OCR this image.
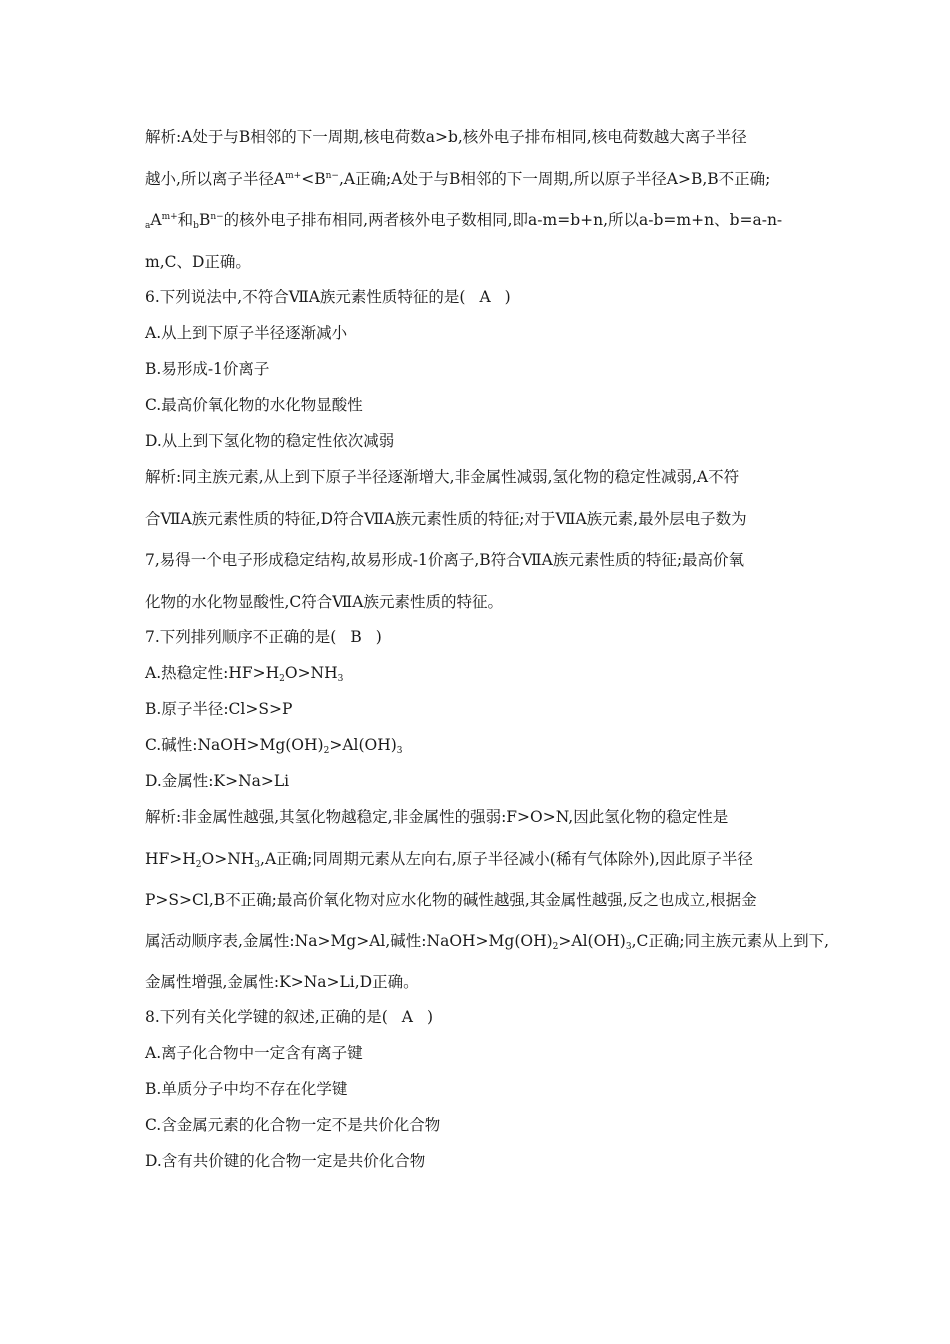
解析:A处于与B相邻的下一周期,核电荷数a>b,核外电子排布相同,核电荷数越大离子半径
越小,所以离子半径$A^{m+}<B^{n-},A$正确;A处于与B相邻的下一周期,所以原子半径A>B,B不正确;
$_aA^{m+}$和$_bB^{n-}$的核外电子排布相同,两者核外电子数相同,即a-m=b+n,所以a-b=m+n、b=a-n-
m,C、D正确。
6.下列说法中,不符合ⅦA族元素性质特征的是( A )
A.从上到下原子半径逐渐减小
B.易形成-1价离子
C.最高价氧化物的水化物显酸性
D.从上到下氢化物的稳定性依次减弱
解析:同主族元素,从上到下原子半径逐渐增大,非金属性减弱,氢化物的稳定性减弱,A不符
合ⅦA族元素性质的特征,D符合ⅦA族元素性质的特征;对于ⅦA族元素,最外层电子数为
7,易得一个电子形成稳定结构,故易形成-1价离子,B符合ⅦA族元素性质的特征;最高价氧
化物的水化物显酸性,C符合ⅦA族元素性质的特征。
7.下列排列顺序不正确的是( B )
A.热稳定性$:HF>H_2O>NH_3$
B.原子半径:Cl>S>P
C.碱性$:NaOH>Mg(OH)_2>Al(OH)_3$
D.金属性:K>Na>Li
解析:非金属性越强,其氢化物越稳定,非金属性的强弱:F>O>N,因此氢化物的稳定性是
$HF>H_2O>NH_3,A$正确;同周期元素从左向右,原子半径减小(稀有气体除外),因此原子半径
P>S>Cl,B不正确;最高价氧化物对应水化物的碱性越强,其金属性越强,反之也成立,根据金
属活动顺序表,金属性:Na>Mg>Al,碱性$:NaOH>Mg(OH)_2>Al(OH)_3,C$正确;同主族元素从上到下,
金属性增强,金属性:K>Na>Li,D正确。
8.下列有关化学键的叙述,正确的是( A )
A.离子化合物中一定含有离子键
B.单质分子中均不存在化学键
C.含金属元素的化合物一定不是共价化合物
D.含有共价键的化合物一定是共价化合物
